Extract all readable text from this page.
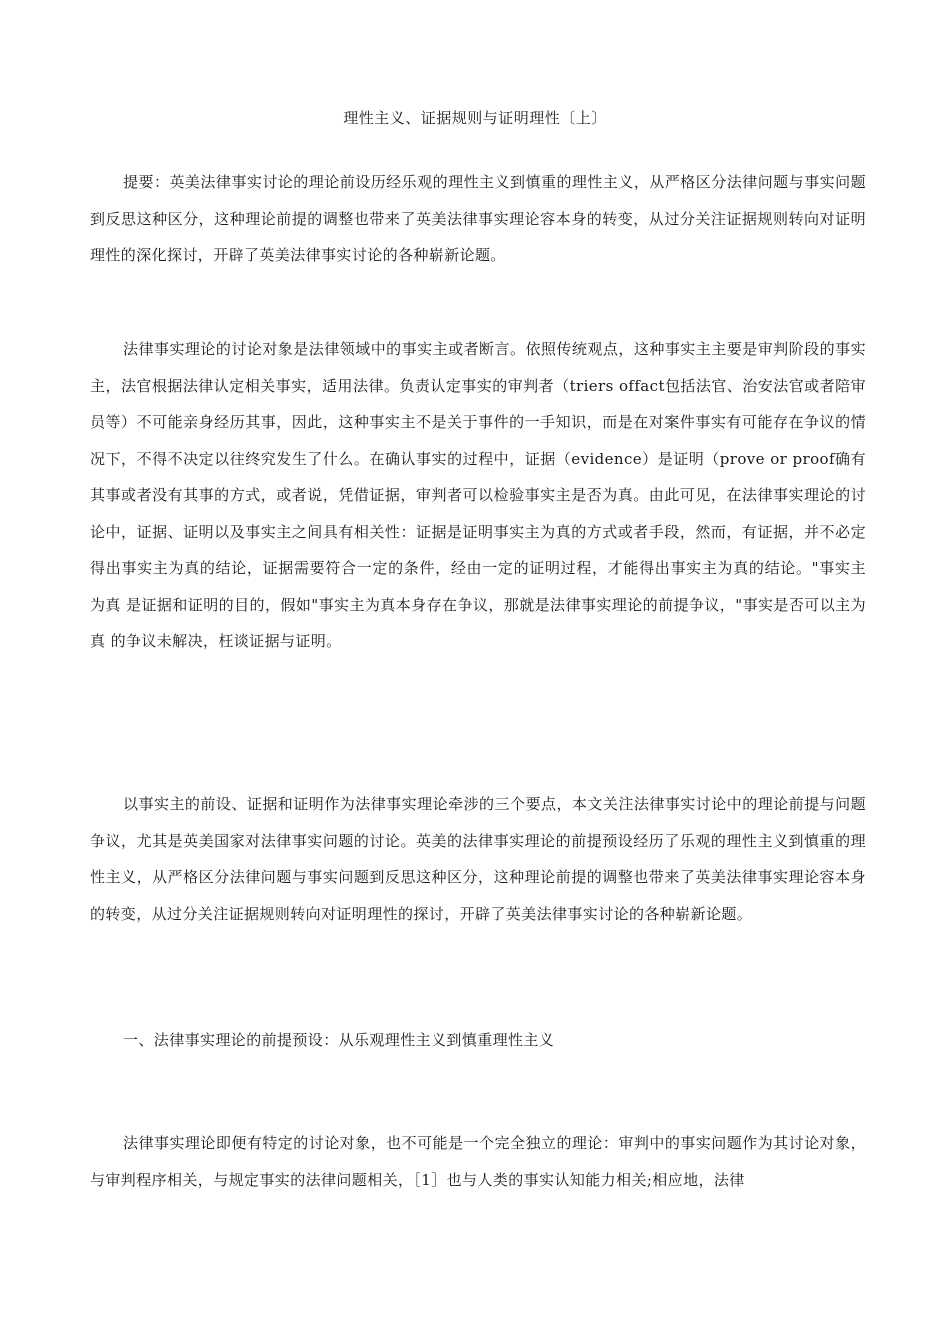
理性主义、证据规则与证明理性〔上〕

提要：英美法律事实讨论的理论前设历经乐观的理性主义到慎重的理性主义，从严格区分法律问题与事实问题到反思这种区分，这种理论前提的调整也带来了英美法律事实理论容本身的转变，从过分关注证据规则转向对证明理性的深化探讨，开辟了英美法律事实讨论的各种崭新论题。

法律事实理论的讨论对象是法律领域中的事实主或者断言。依照传统观点，这种事实主主要是审判阶段的事实主，法官根据法律认定相关事实，适用法律。负责认定事实的审判者（triers offact包括法官、治安法官或者陪审员等）不可能亲身经历其事，因此，这种事实主不是关于事件的一手知识，而是在对案件事实有可能存在争议的情况下，不得不决定以往终究发生了什么。在确认事实的过程中，证据（evidence）是证明（prove or proof确有其事或者没有其事的方式，或者说，凭借证据，审判者可以检验事实主是否为真。由此可见，在法律事实理论的讨论中，证据、证明以及事实主之间具有相关性：证据是证明事实主为真的方式或者手段，然而，有证据，并不必定得出事实主为真的结论，证据需要符合一定的条件，经由一定的证明过程，才能得出事实主为真的结论。"事实主为真 是证据和证明的目的，假如"事实主为真本身存在争议，那就是法律事实理论的前提争议，"事实是否可以主为真 的争议未解决，枉谈证据与证明。

以事实主的前设、证据和证明作为法律事实理论牵涉的三个要点，本文关注法律事实讨论中的理论前提与问题争议，尤其是英美国家对法律事实问题的讨论。英美的法律事实理论的前提预设经历了乐观的理性主义到慎重的理性主义，从严格区分法律问题与事实问题到反思这种区分，这种理论前提的调整也带来了英美法律事实理论容本身的转变，从过分关注证据规则转向对证明理性的探讨，开辟了英美法律事实讨论的各种崭新论题。

一、法律事实理论的前提预设：从乐观理性主义到慎重理性主义

法律事实理论即便有特定的讨论对象，也不可能是一个完全独立的理论：审判中的事实问题作为其讨论对象，与审判程序相关，与规定事实的法律问题相关，［1］也与人类的事实认知能力相关;相应地，法律
